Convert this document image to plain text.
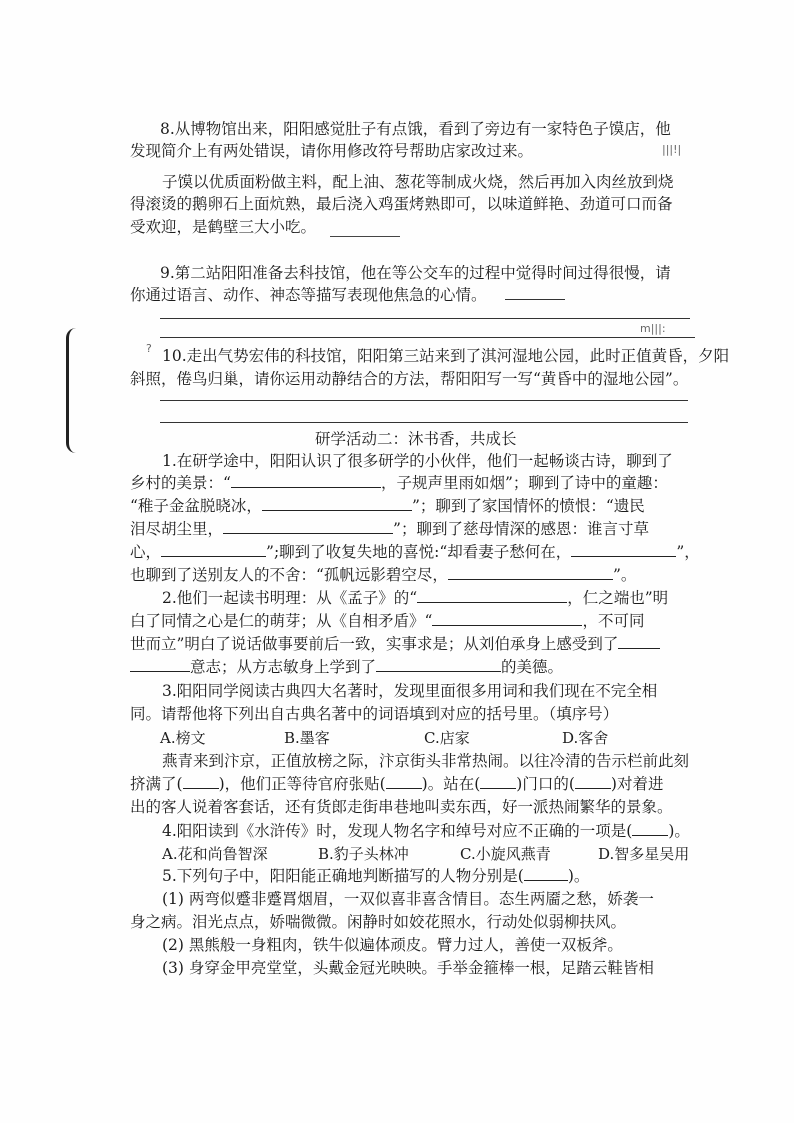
|||!|
m|||:
?
8.从博物馆出来，阳阳感觉肚子有点饿，看到了旁边有一家特色子馍店，他
发现简介上有两处错误，请你用修改符号帮助店家改过来。
子馍以优质面粉做主料，配上油、葱花等制成火烧，然后再加入肉丝放到烧
得滚烫的鹅卵石上面炕熟，最后浇入鸡蛋烤熟即可，以味道鲜艳、劲道可口而备
受欢迎，是鹤壁三大小吃。
9.第二站阳阳准备去科技馆，他在等公交车的过程中觉得时间过得很慢，请
你通过语言、动作、神态等描写表现他焦急的心情。
10.走出气势宏伟的科技馆，阳阳第三站来到了淇河湿地公园，此时正值黄昏，夕阳
斜照，倦鸟归巢，请你运用动静结合的方法，帮阳阳写一写“黄昏中的湿地公园”。
研学活动二：沐书香，共成长
1.在研学途中，阳阳认识了很多研学的小伙伴，他们一起畅谈古诗，聊到了
乡村的美景：“	，子规声里雨如烟”；聊到了诗中的童趣：
“稚子金盆脱晓冰，	”；聊到了家国情怀的愤恨：“遗民
泪尽胡尘里，	”；聊到了慈母情深的感恩：谁言寸草
心，	”;聊到了收复失地的喜悦:“却看妻子愁何在，	”，
也聊到了送别友人的不舍：“孤帆远影碧空尽，	”。
2.他们一起读书明理：从《孟子》的“	，仁之端也”明
白了同情之心是仁的萌芽；从《自相矛盾》“	，不可同
世而立”明白了说话做事要前后一致，实事求是；从刘伯承身上感受到了
意志；从方志敏身上学到了	的美德。
3.阳阳同学阅读古典四大名著时，发现里面很多用词和我们现在不完全相
同。请帮他将下列出自古典名著中的词语填到对应的括号里。（填序号）
A.榜文	B.墨客	C.店家	D.客舍
燕青来到汴京，正值放榜之际，汴京街头非常热闹。以往冷清的告示栏前此刻
挤满了( )，他们正等待官府张贴( )。站在( )门口的( )对着进
出的客人说着客套话，还有货郎走街串巷地叫卖东西，好一派热闹繁华的景象。
4.阳阳读到《水浒传》时，发现人物名字和绰号对应不正确的一项是( )。
A.花和尚鲁智深	B.豹子头林冲	C.小旋风燕青	D.智多星吴用
5.下列句子中，阳阳能正确地判断描写的人物分别是(	)。
(1) 两弯似蹙非蹙罥烟眉，一双似喜非喜含情目。态生两靥之愁，娇袭一
身之病。泪光点点，娇喘微微。闲静时如姣花照水，行动处似弱柳扶风。
(2) 黑熊般一身粗肉，铁牛似遍体顽皮。臂力过人，善使一双板斧。
(3) 身穿金甲亮堂堂，头戴金冠光映映。手举金箍棒一根，足踏云鞋皆相
